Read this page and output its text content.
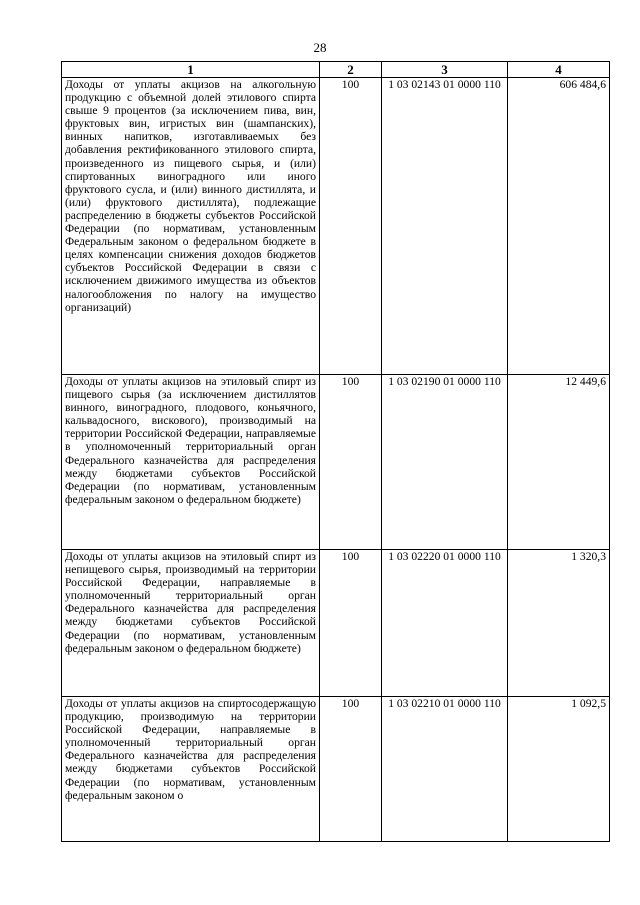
28
1	2	3	4
Доходы от уплаты акцизов на алкогольную продукцию с объемной долей этилового спирта свыше 9 процентов (за исключением пива, вин, фруктовых вин, игристых вин (шампанских), винных напитков, изготавливаемых без добавления ректификованного этилового спирта, произведенного из пищевого сырья, и (или) спиртованных виноградного или иного фруктового сусла, и (или) винного дистиллята, и (или) фруктового дистиллята), подлежащие распределению в бюджеты субъектов Российской Федерации (по нормативам, установленным Федеральным законом о федеральном бюджете в целях компенсации снижения доходов бюджетов субъектов Российской Федерации в связи с исключением движимого имущества из объектов налогообложения по налогу на имущество организаций)	100	1 03 02143 01 0000 110	606 484,6
Доходы от уплаты акцизов на этиловый спирт из пищевого сырья (за исключением дистиллятов винного, виноградного, плодового, коньячного, кальвадосного, вискового), производимый на территории Российской Федерации, направляемые в уполномоченный территориальный орган Федерального казначейства для распределения между бюджетами субъектов Российской Федерации (по нормативам, установленным федеральным законом о федеральном бюджете)	100	1 03 02190 01 0000 110	12 449,6
Доходы от уплаты акцизов на этиловый спирт из непищевого сырья, производимый на территории Российской Федерации, направляемые в уполномоченный территориальный орган Федерального казначейства для распределения между бюджетами субъектов Российской Федерации (по нормативам, установленным федеральным законом о федеральном бюджете)	100	1 03 02220 01 0000 110	1 320,3
Доходы от уплаты акцизов на спиртосодержащую продукцию, производимую на территории Российской Федерации, направляемые в уполномоченный территориальный орган Федерального казначейства для распределения между бюджетами субъектов Российской Федерации (по нормативам, установленным федеральным законом о	100	1 03 02210 01 0000 110	1 092,5
